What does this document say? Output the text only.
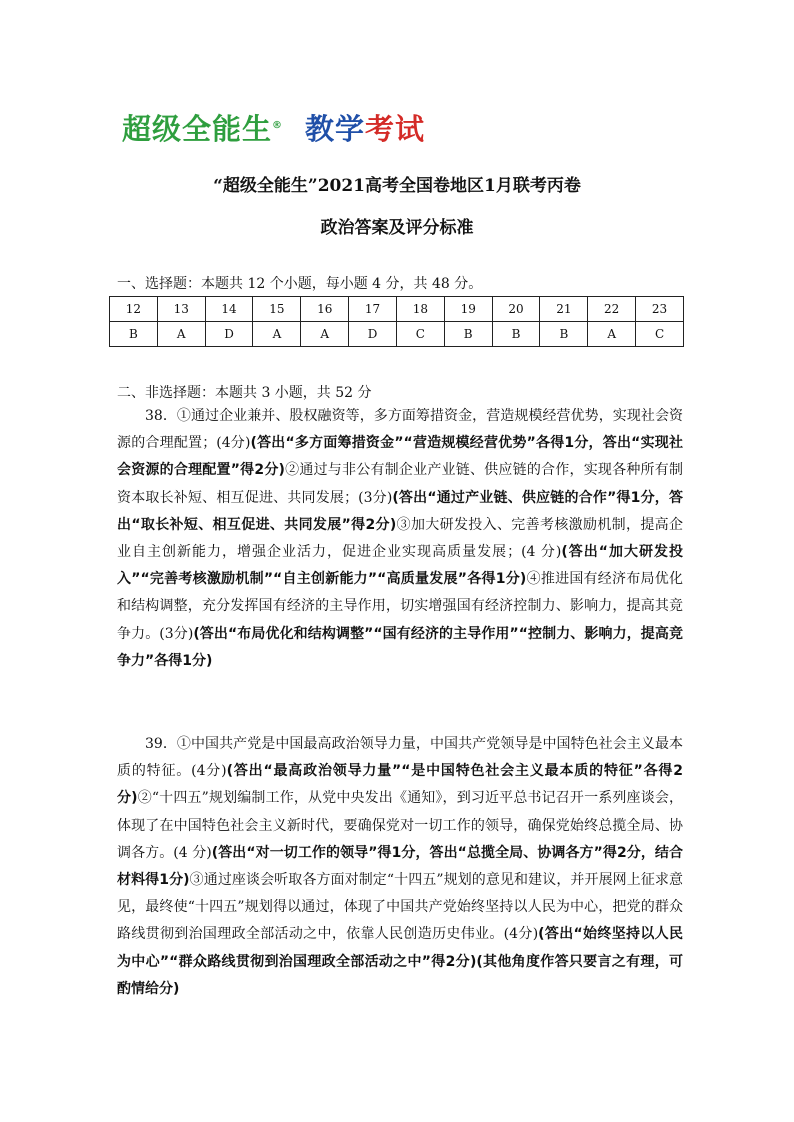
超级全能生® 教学考试
“超级全能生”2021高考全国卷地区1月联考丙卷
政治答案及评分标准
一、选择题：本题共 12 个小题，每小题 4 分，共 48 分。
12	13	14	15	16	17	18	19	20	21	22	23
B	A	D	A	A	D	C	B	B	B	A	C
二、非选择题：本题共 3 小题，共 52 分
38．①通过企业兼并、股权融资等，多方面筹措资金，营造规模经营优势，实现社会资源的合理配置；(4分)(答出“多方面筹措资金”“营造规模经营优势”各得1分，答出“实现社会资源的合理配置”得2分)②通过与非公有制企业产业链、供应链的合作，实现各种所有制资本取长补短、相互促进、共同发展；(3分)(答出“通过产业链、供应链的合作”得1分，答出“取长补短、相互促进、共同发展”得2分)③加大研发投入、完善考核激励机制，提高企业自主创新能力，增强企业活力，促进企业实现高质量发展；(4 分)(答出“加大研发投入”“完善考核激励机制”“自主创新能力”“高质量发展”各得1分)④推进国有经济布局优化和结构调整，充分发挥国有经济的主导作用，切实增强国有经济控制力、影响力，提高其竞争力。(3分)(答出“布局优化和结构调整”“国有经济的主导作用”“控制力、影响力，提高竞争力”各得1分)
39．①中国共产党是中国最高政治领导力量，中国共产党领导是中国特色社会主义最本质的特征。(4分)(答出“最高政治领导力量”“是中国特色社会主义最本质的特征”各得2分)②“十四五”规划编制工作，从党中央发出《通知》，到习近平总书记召开一系列座谈会，体现了在中国特色社会主义新时代，要确保党对一切工作的领导，确保党始终总揽全局、协调各方。(4 分)(答出“对一切工作的领导”得1分，答出“总揽全局、协调各方”得2分，结合材料得1分)③通过座谈会听取各方面对制定“十四五”规划的意见和建议，并开展网上征求意见，最终使“十四五”规划得以通过，体现了中国共产党始终坚持以人民为中心，把党的群众路线贯彻到治国理政全部活动之中，依靠人民创造历史伟业。(4分)(答出“始终坚持以人民为中心”“群众路线贯彻到治国理政全部活动之中”得2分)(其他角度作答只要言之有理，可酌情给分)
